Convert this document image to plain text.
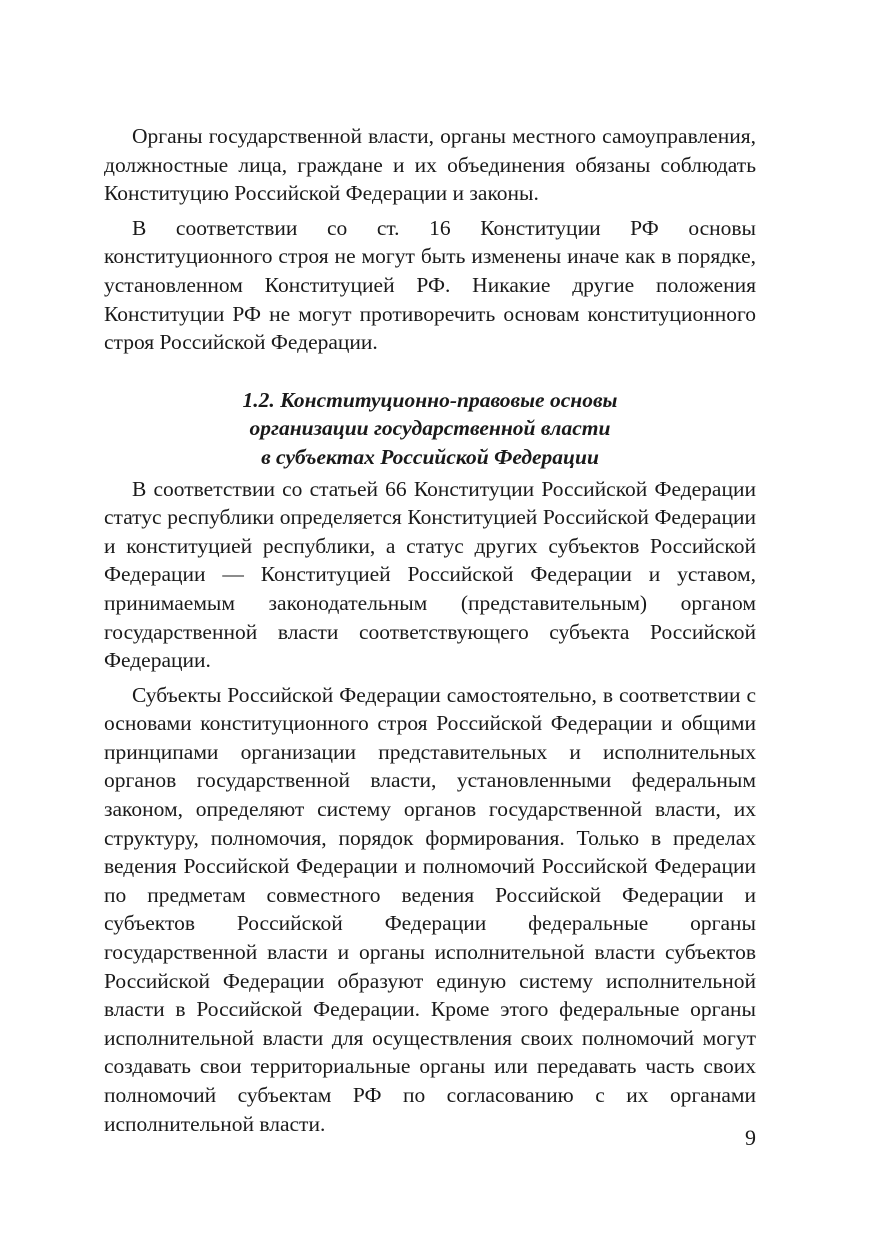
Органы государственной власти, органы местного самоуправления, должностные лица, граждане и их объединения обязаны соблюдать Конституцию Российской Федерации и законы.

В соответствии со ст. 16 Конституции РФ основы конституционного строя не могут быть изменены иначе как в порядке, установленном Конституцией РФ. Никакие другие положения Конституции РФ не могут противоречить основам конституционного строя Российской Федерации.

1.2. Конституционно-правовые основы
организации государственной власти
в субъектах Российской Федерации

В соответствии со статьей 66 Конституции Российской Федерации статус республики определяется Конституцией Российской Федерации и конституцией республики, а статус других субъектов Российской Федерации — Конституцией Российской Федерации и уставом, принимаемым законодательным (представительным) органом государственной власти соответствующего субъекта Российской Федерации.

Субъекты Российской Федерации самостоятельно, в соответствии с основами конституционного строя Российской Федерации и общими принципами организации представительных и исполнительных органов государственной власти, установленными федеральным законом, определяют систему органов государственной власти, их структуру, полномочия, порядок формирования. Только в пределах ведения Российской Федерации и полномочий Российской Федерации по предметам совместного ведения Российской Федерации и субъектов Российской Федерации федеральные органы государственной власти и органы исполнительной власти субъектов Российской Федерации образуют единую систему исполнительной власти в Российской Федерации. Кроме этого федеральные органы исполнительной власти для осуществления своих полномочий могут создавать свои территориальные органы или передавать часть своих полномочий субъектам РФ по согласованию с их органами исполнительной власти.

9
